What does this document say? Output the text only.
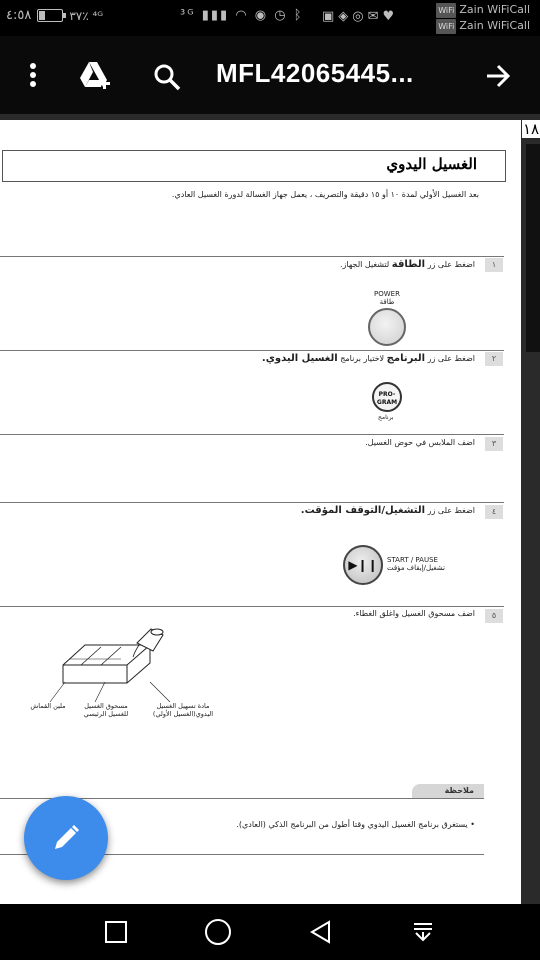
٤:٥٨	٣٧٪ ⁴ᴳ	³ᴳ ▮▮▮ ◠ ◉ ◷ ᛒ ▣◈◎✉♥	WiFi Zain WiFiCall
WiFi Zain WiFiCall
MFL42065445...
الغسيل اليدوي
بعد الغسيل الأولي لمدة ١٠ أو ١٥ دقيقة والتصريف ، يعمل جهاز الغسالة لدورة الغسيل العادي.
١
اضغط على زر الطاقة لتشغيل الجهاز.
POWER
طاقة
٢
اضغط على زر البرنامج لاختيار برنامج الغسيل اليدوي.
PRO-
GRAM
برنامج
٣
اضف الملابس في حوض الغسيل.
٤
اضغط على زر التشغيل/التوقف المؤقت.
▶❙❙ START / PAUSE
تشغيل/إيقاف مؤقت
٥
اضف مسحوق الغسيل واغلق الغطاء.
ملين القماش	مسحوق الغسيل للغسيل الرئيسي
مادة تسهيل الغسيل اليدوي(الغسيل الأولي)
ملاحظة
• يستغرق برنامج الغسيل اليدوي وقتا أطول من البرنامج الذكي (العادي).
١٨
